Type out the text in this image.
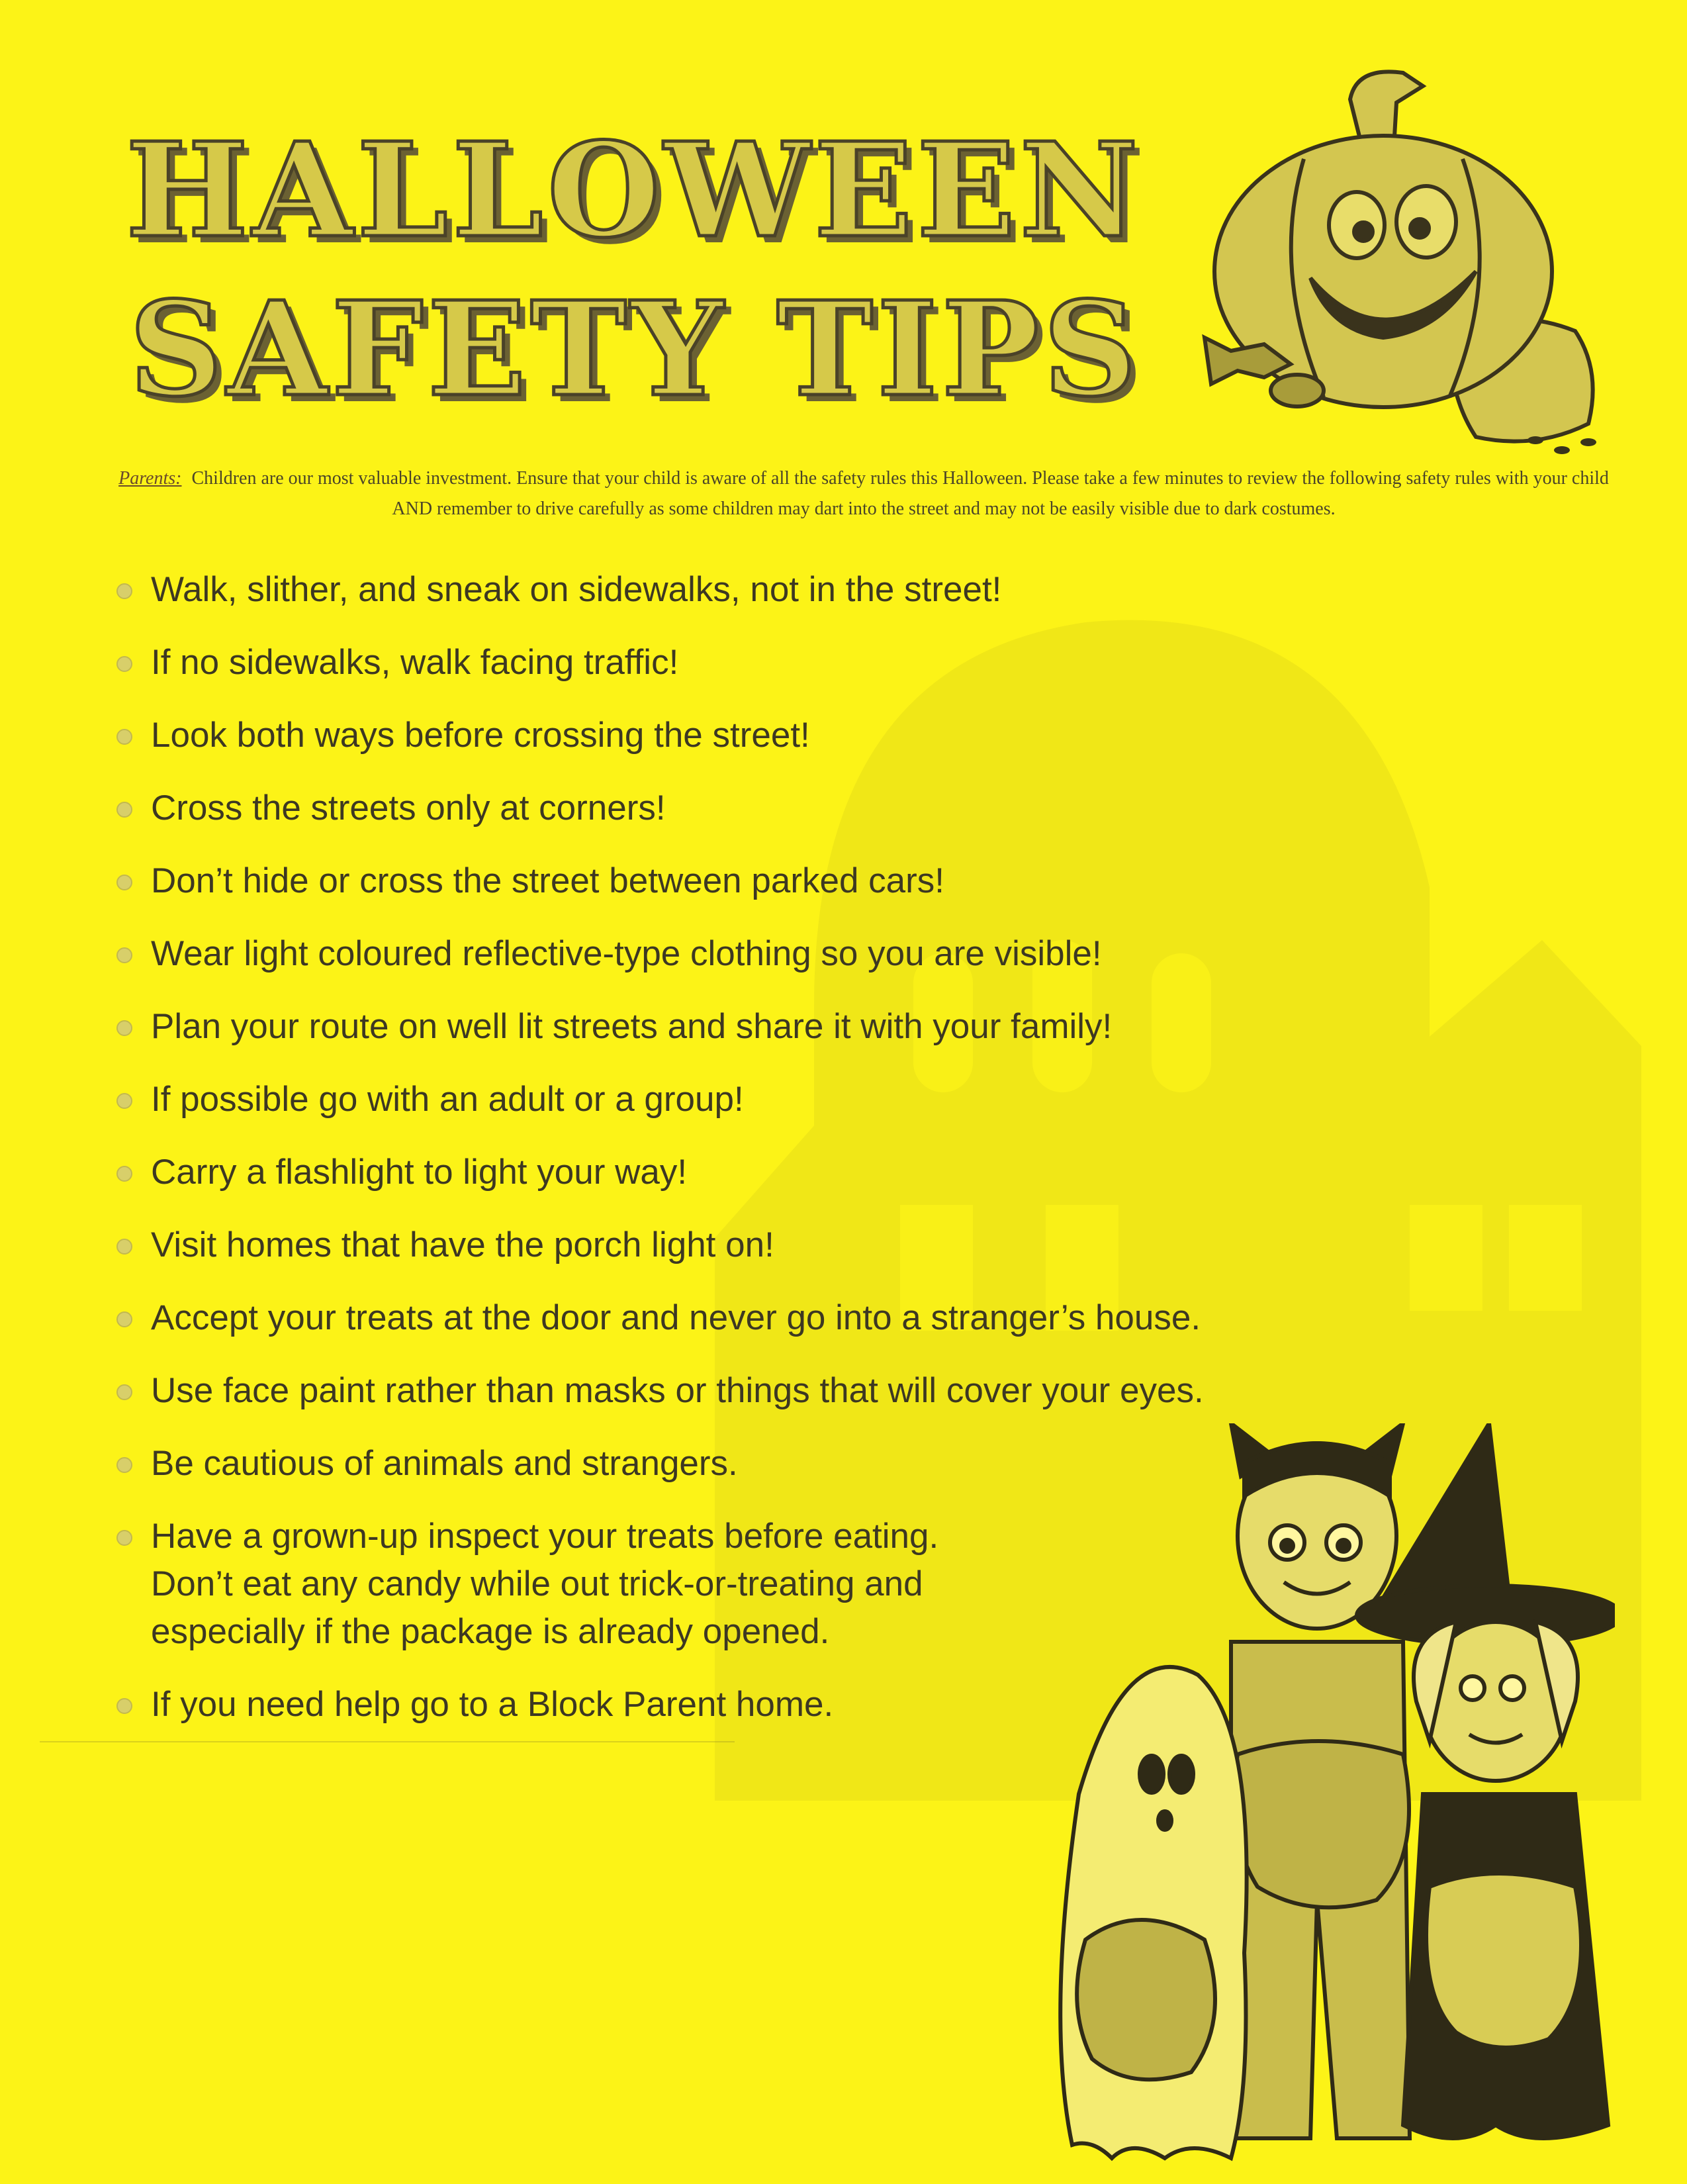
HALLOWEEN
SAFETY TIPS
Parents: Children are our most valuable investment. Ensure that your child is aware of all the safety rules this Halloween. Please take a few minutes to review the following safety rules with your child AND remember to drive carefully as some children may dart into the street and may not be easily visible due to dark costumes.
Walk, slither, and sneak on sidewalks, not in the street!
If no sidewalks, walk facing traffic!
Look both ways before crossing the street!
Cross the streets only at corners!
Don’t hide or cross the street between parked cars!
Wear light coloured reflective-type clothing so you are visible!
Plan your route on well lit streets and share it with your family!
If possible go with an adult or a group!
Carry a flashlight to light your way!
Visit homes that have the porch light on!
Accept your treats at the door and never go into a stranger’s house.
Use face paint rather than masks or things that will cover your eyes.
Be cautious of animals and strangers.
Have a grown-up inspect your treats before eating.
Don’t eat any candy while out trick-or-treating and
especially if the package is already opened.
If you need help go to a Block Parent home.
